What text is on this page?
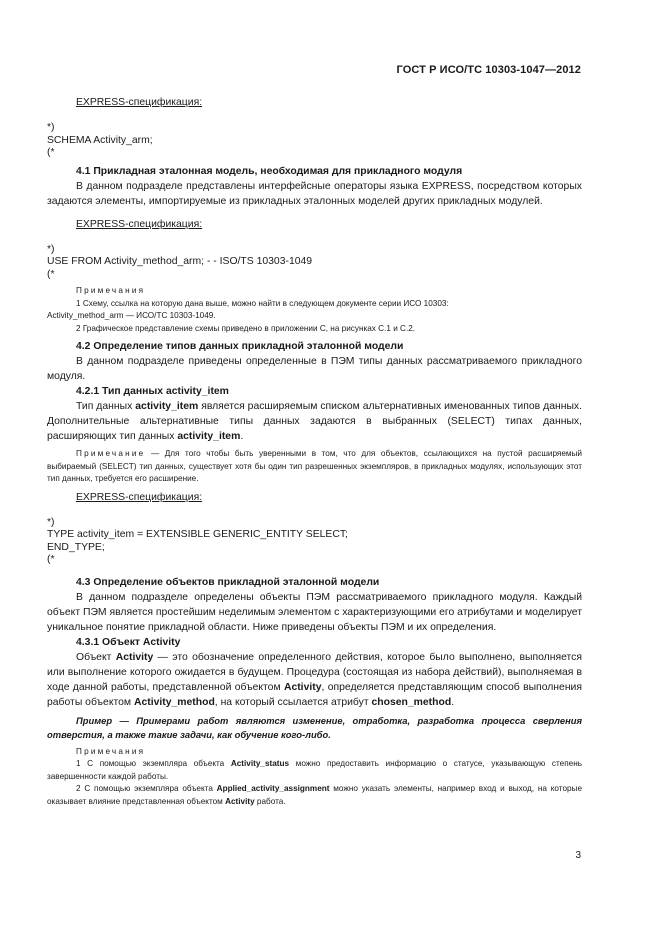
ГОСТ Р ИСО/ТС 10303-1047—2012

EXPRESS-спецификация:

*)

SCHEMA Activity_arm;

(*

4.1 Прикладная эталонная модель, необходимая для прикладного модуля

В данном подразделе представлены интерфейсные операторы языка EXPRESS, посредством которых задаются элементы, импортируемые из прикладных эталонных моделей других прикладных модулей.

EXPRESS-спецификация:

*)

USE FROM Activity_method_arm; - - ISO/TS 10303-1049

(*

Примечания

1 Схему, ссылка на которую дана выше, можно найти в следующем документе серии ИСО 10303:

Activity_method_arm — ИСО/ТС 10303-1049.

2 Графическое представление схемы приведено в приложении С, на рисунках С.1 и С.2.

4.2 Определение типов данных прикладной эталонной модели

В данном подразделе приведены определенные в ПЭМ типы данных рассматриваемого прикладного модуля.

4.2.1 Тип данных activity_item

Тип данных activity_item является расширяемым списком альтернативных именованных типов данных. Дополнительные альтернативные типы данных задаются в выбранных (SELECT) типах данных, расширяющих тип данных activity_item.

Примечание — Для того чтобы быть уверенными в том, что для объектов, ссылающихся на пустой расширяемый выбираемый (SELECT) тип данных, существует хотя бы один тип разрешенных экземпляров, в прикладных модулях, использующих этот тип данных, требуется его расширение.

EXPRESS-спецификация:

*)

TYPE activity_item = EXTENSIBLE GENERIC_ENTITY SELECT;

END_TYPE;

(*

4.3 Определение объектов прикладной эталонной модели

В данном подразделе определены объекты ПЭМ рассматриваемого прикладного модуля. Каждый объект ПЭМ является простейшим неделимым элементом с характеризующими его атрибутами и моделирует уникальное понятие прикладной области. Ниже приведены объекты ПЭМ и их определения.

4.3.1 Объект Activity

Объект Activity — это обозначение определенного действия, которое было выполнено, выполняется или выполнение которого ожидается в будущем. Процедура (состоящая из набора действий), выполняемая в ходе данной работы, представленной объектом Activity, определяется представляющим способ выполнения работы объектом Activity_method, на который ссылается атрибут chosen_method.

Пример — Примерами работ являются изменение, отработка, разработка процесса сверления отверстия, а также такие задачи, как обучение кого-либо.

Примечания

1 С помощью экземпляра объекта Activity_status можно предоставить информацию о статусе, указывающую степень завершенности каждой работы.

2 С помощью экземпляра объекта Applied_activity_assignment можно указать элементы, например вход и выход, на которые оказывает влияние представленная объектом Activity работа.

3
